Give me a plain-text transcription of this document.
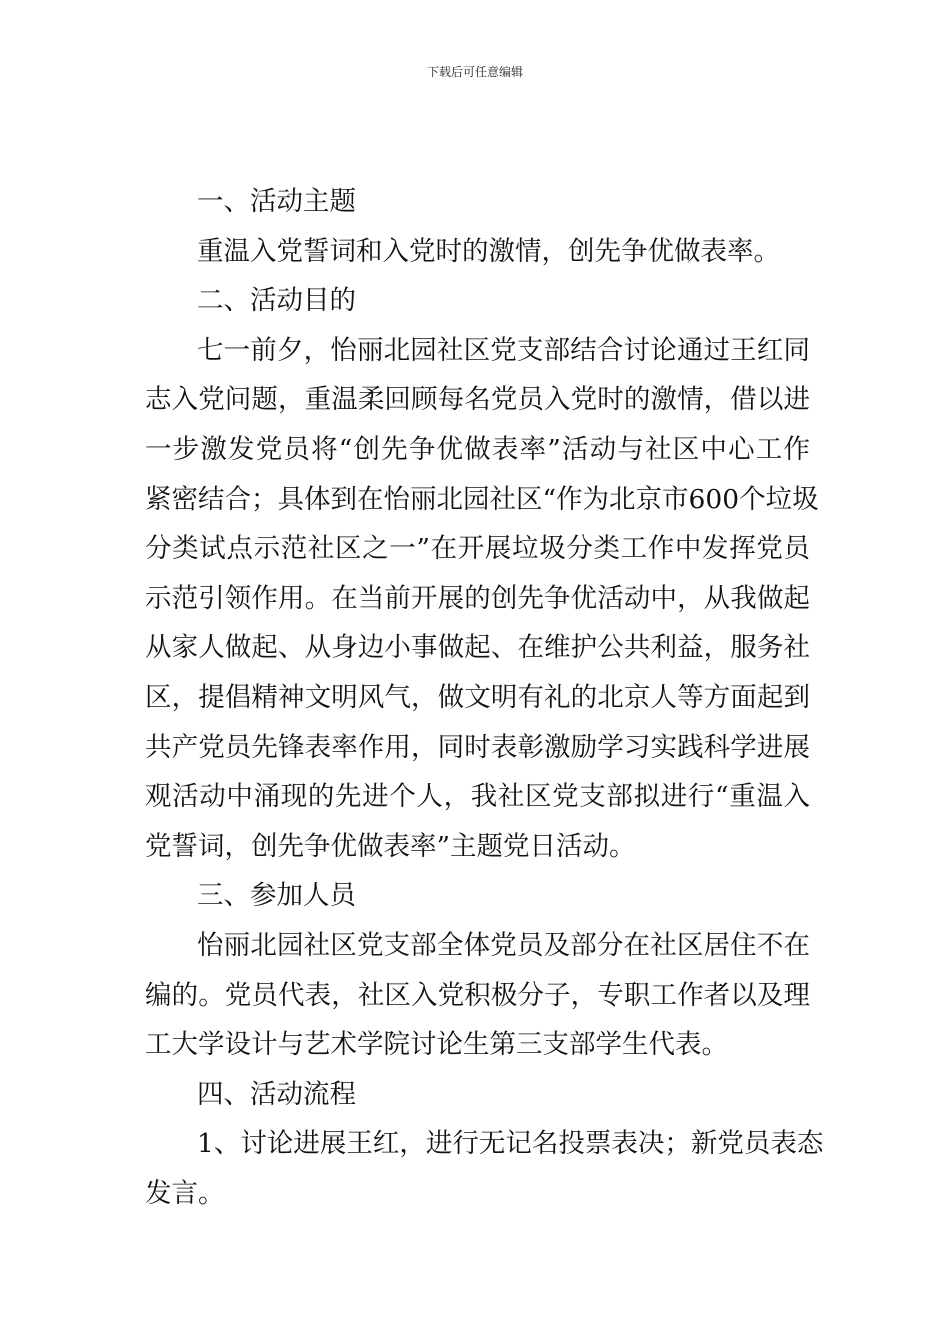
下载后可任意编辑
一、活动主题
重温入党誓词和入党时的激情，创先争优做表率。
二、活动目的
七一前夕，怡丽北园社区党支部结合讨论通过王红同
志入党问题，重温柔回顾每名党员入党时的激情，借以进
一步激发党员将“创先争优做表率”活动与社区中心工作
紧密结合；具体到在怡丽北园社区“作为北京市600个垃圾
分类试点示范社区之一”在开展垃圾分类工作中发挥党员
示范引领作用。在当前开展的创先争优活动中，从我做起
从家人做起、从身边小事做起、在维护公共利益，服务社
区，提倡精神文明风气，做文明有礼的北京人等方面起到
共产党员先锋表率作用，同时表彰激励学习实践科学进展
观活动中涌现的先进个人，我社区党支部拟进行“重温入
党誓词，创先争优做表率”主题党日活动。
三、参加人员
怡丽北园社区党支部全体党员及部分在社区居住不在
编的。党员代表，社区入党积极分子，专职工作者以及理
工大学设计与艺术学院讨论生第三支部学生代表。
四、活动流程
1、讨论进展王红，进行无记名投票表决；新党员表态
发言。
